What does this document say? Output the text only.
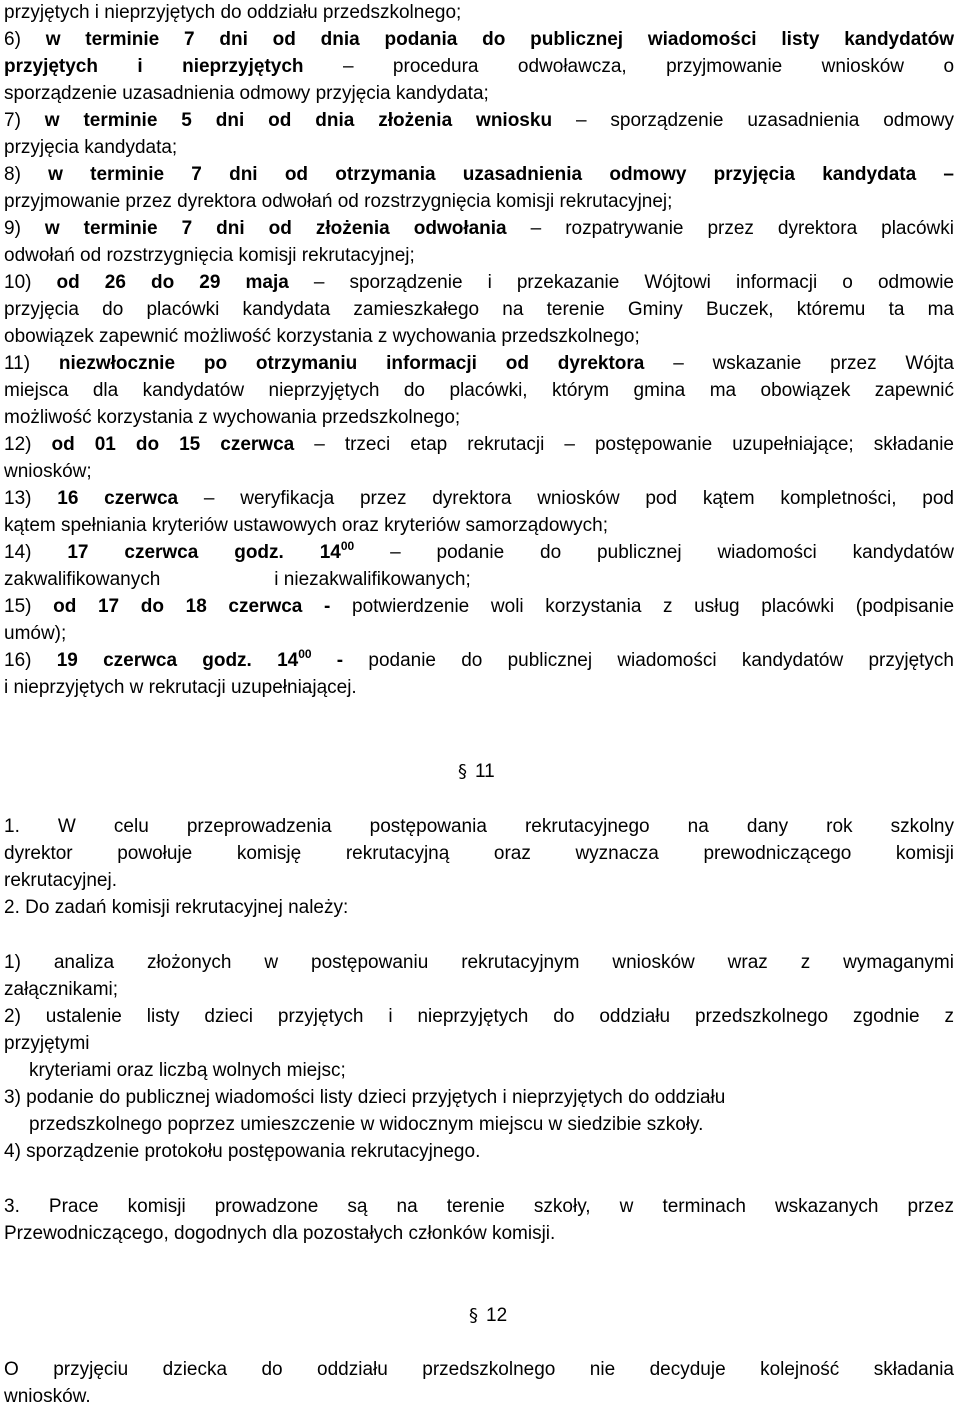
przyjętych i nieprzyjętych do oddziału przedszkolnego;
6) w terminie 7 dni od dnia podania do publicznej wiadomości listy kandydatów
przyjętych i nieprzyjętych – procedura odwoławcza, przyjmowanie wniosków o
sporządzenie uzasadnienia odmowy przyjęcia kandydata;
7) w terminie 5 dni od dnia złożenia wniosku – sporządzenie uzasadnienia odmowy
przyjęcia kandydata;
8) w terminie 7 dni od otrzymania uzasadnienia odmowy przyjęcia kandydata –
przyjmowanie przez dyrektora odwołań od rozstrzygnięcia komisji rekrutacyjnej;
9) w terminie 7 dni od złożenia odwołania – rozpatrywanie przez dyrektora placówki
odwołań od rozstrzygnięcia komisji rekrutacyjnej;
10) od 26 do 29 maja – sporządzenie i przekazanie Wójtowi informacji o odmowie
przyjęcia do placówki kandydata zamieszkałego na terenie Gminy Buczek, któremu ta ma
obowiązek zapewnić możliwość korzystania z wychowania przedszkolnego;
11) niezwłocznie po otrzymaniu informacji od dyrektora – wskazanie przez Wójta
miejsca dla kandydatów nieprzyjętych do placówki, którym gmina ma obowiązek zapewnić
możliwość korzystania z wychowania przedszkolnego;
12) od 01 do 15 czerwca – trzeci etap rekrutacji – postępowanie uzupełniające; składanie
wniosków;
13) 16 czerwca – weryfikacja przez dyrektora wniosków pod kątem kompletności, pod
kątem spełniania kryteriów ustawowych oraz kryteriów samorządowych;
14) 17 czerwca godz. $14^{00}$ – podanie do publicznej wiadomości kandydatów
zakwalifikowanych	i niezakwalifikowanych;
15) od 17 do 18 czerwca - potwierdzenie woli korzystania z usług placówki (podpisanie
umów);
16) 19 czerwca godz. $14^{00}$ - podanie do publicznej wiadomości kandydatów przyjętych
i nieprzyjętych w rekrutacji uzupełniającej.
§ 11
1. W celu przeprowadzenia postępowania rekrutacyjnego na dany rok szkolny
dyrektor powołuje komisję rekrutacyjną oraz wyznacza prewodniczącego komisji
rekrutacyjnej.
2. Do zadań komisji rekrutacyjnej należy:
1) analiza złożonych w postępowaniu rekrutacyjnym wniosków wraz z wymaganymi
załącznikami;
2) ustalenie listy dzieci przyjętych i nieprzyjętych do oddziału przedszkolnego zgodnie z
przyjętymi
kryteriami oraz liczbą wolnych miejsc;
3) podanie do publicznej wiadomości listy dzieci przyjętych i nieprzyjętych do oddziału
przedszkolnego poprzez umieszczenie w widocznym miejscu w siedzibie szkoły.
4) sporządzenie protokołu postępowania rekrutacyjnego.
3. Prace komisji prowadzone są na terenie szkoły, w terminach wskazanych przez
Przewodniczącego, dogodnych dla pozostałych członków komisji.
§ 12
O przyjęciu dziecka do oddziału przedszkolnego nie decyduje kolejność składania
wniosków.
